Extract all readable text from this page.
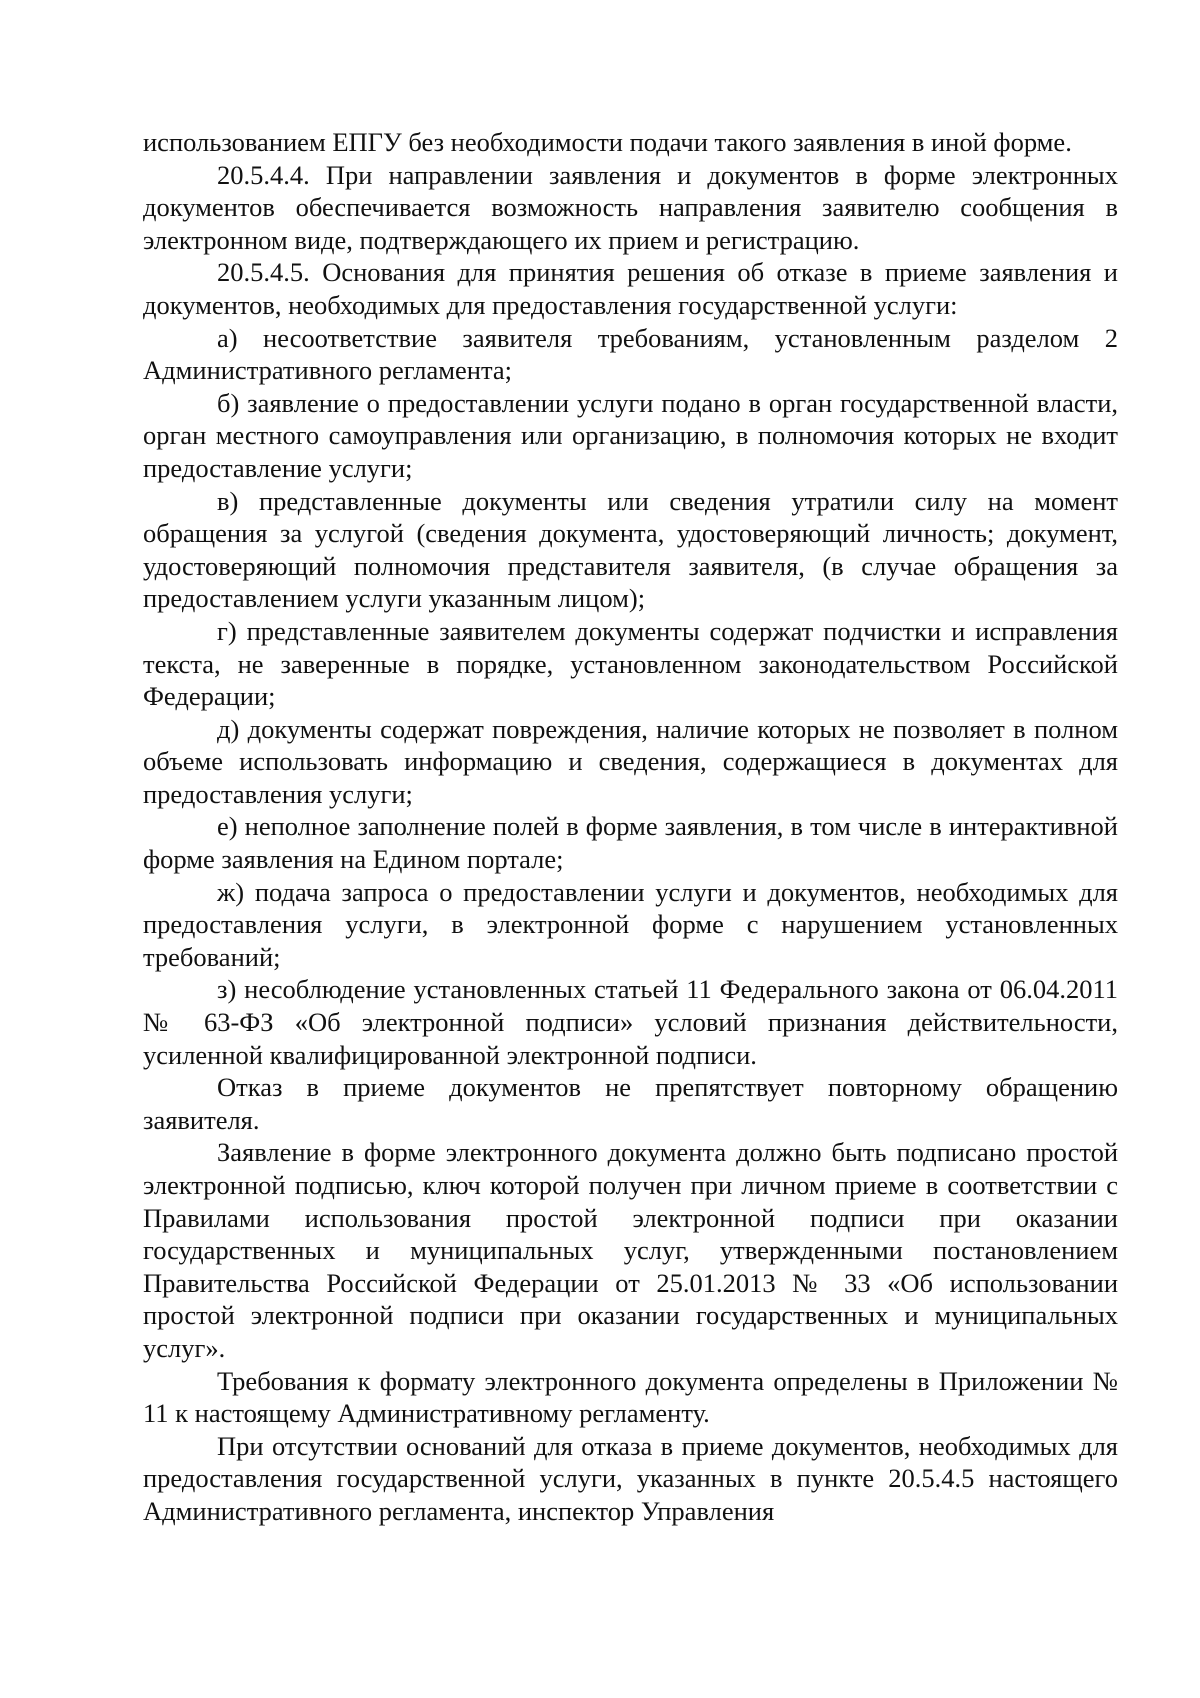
использованием ЕПГУ без необходимости подачи такого заявления в иной форме.

20.5.4.4. При направлении заявления и документов в форме электронных документов обеспечивается возможность направления заявителю сообщения в электронном виде, подтверждающего их прием и регистрацию.

20.5.4.5. Основания для принятия решения об отказе в приеме заявления и документов, необходимых для предоставления государственной услуги:

а) несоответствие заявителя требованиям, установленным разделом 2 Административного регламента;

б) заявление о предоставлении услуги подано в орган государственной власти, орган местного самоуправления или организацию, в полномочия которых не входит предоставление услуги;

в) представленные документы или сведения утратили силу на момент обращения за услугой (сведения документа, удостоверяющий личность; документ, удостоверяющий полномочия представителя заявителя, (в случае обращения за предоставлением услуги указанным лицом);

г) представленные заявителем документы содержат подчистки и исправления текста, не заверенные в порядке, установленном законодательством Российской Федерации;

д) документы содержат повреждения, наличие которых не позволяет в полном объеме использовать информацию и сведения, содержащиеся в документах для предоставления услуги;

е) неполное заполнение полей в форме заявления, в том числе в интерактивной форме заявления на Едином портале;

ж) подача запроса о предоставлении услуги и документов, необходимых для предоставления услуги, в электронной форме с нарушением установленных требований;

з) несоблюдение установленных статьей 11 Федерального закона от 06.04.2011 № 63-ФЗ «Об электронной подписи» условий признания действительности, усиленной квалифицированной электронной подписи.

Отказ в приеме документов не препятствует повторному обращению заявителя.

Заявление в форме электронного документа должно быть подписано простой электронной подписью, ключ которой получен при личном приеме в соответствии с Правилами использования простой электронной подписи при оказании государственных и муниципальных услуг, утвержденными постановлением Правительства Российской Федерации от 25.01.2013 № 33 «Об использовании простой электронной подписи при оказании государственных и муниципальных услуг».

Требования к формату электронного документа определены в Приложении № 11 к настоящему Административному регламенту.

При отсутствии оснований для отказа в приеме документов, необходимых для предоставления государственной услуги, указанных в пункте 20.5.4.5 настоящего Административного регламента, инспектор Управления
